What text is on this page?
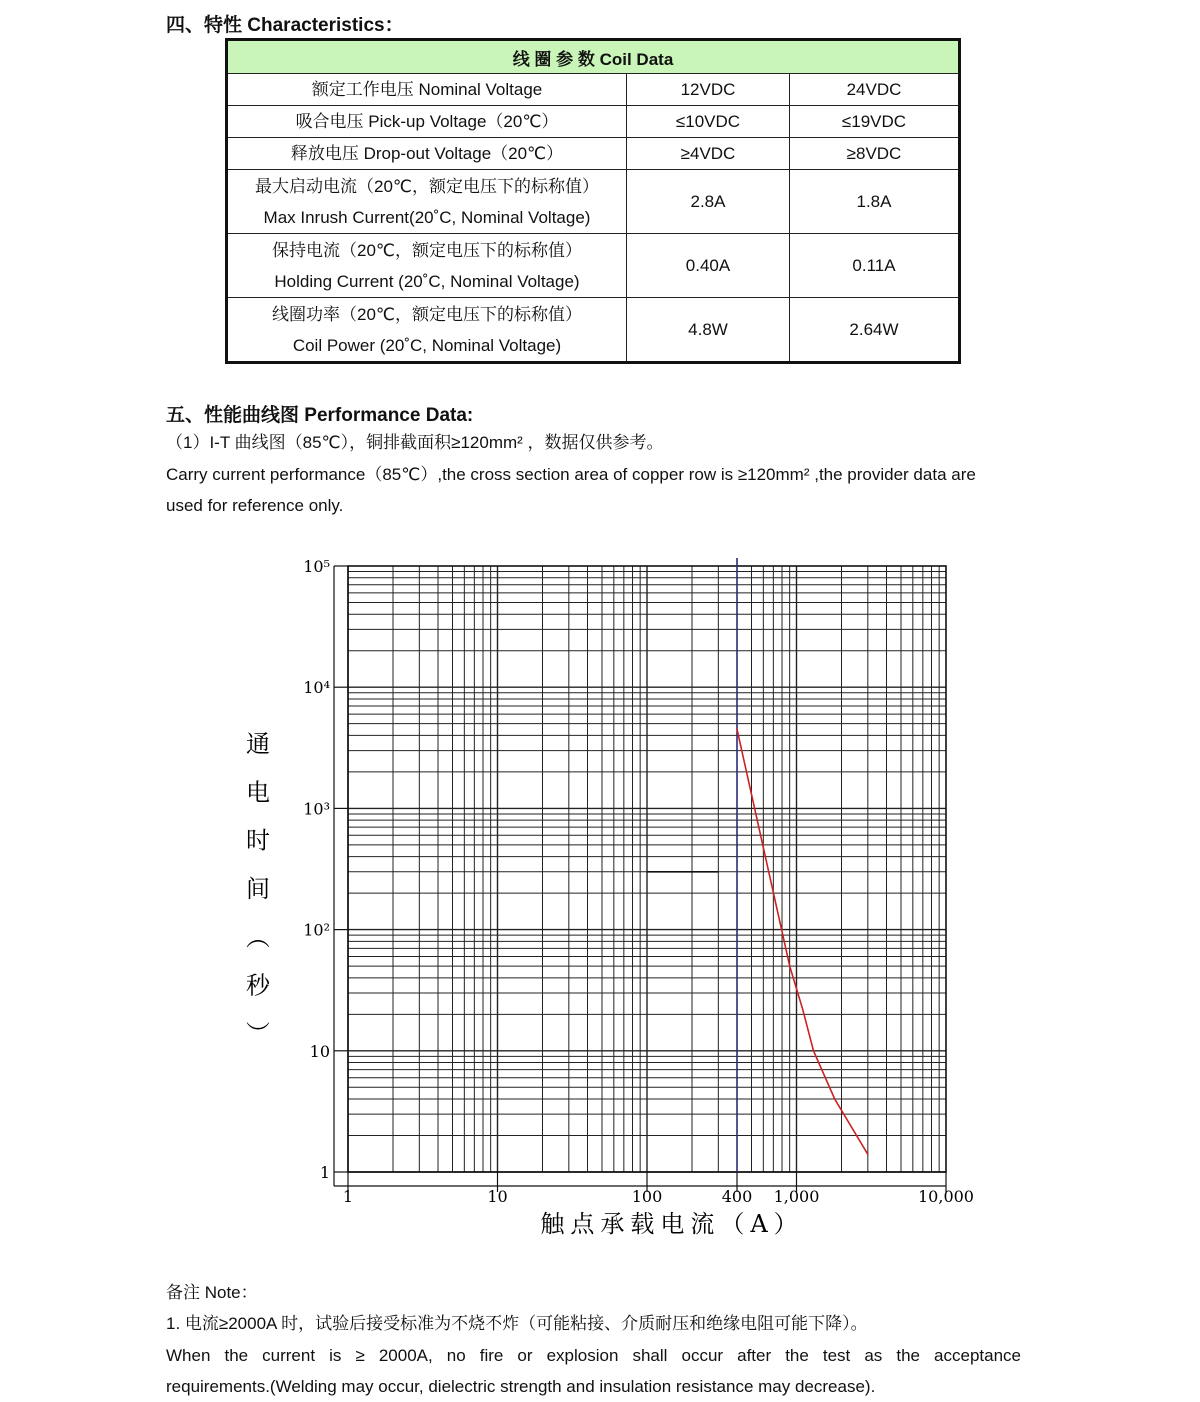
四、特性 Characteristics：
线 圈 参 数 Coil Data		
额定工作电压 Nominal Voltage	12VDC	24VDC
吸合电压 Pick-up Voltage（20℃）	≤10VDC	≤19VDC
释放电压 Drop-out Voltage（20℃）	≥4VDC	≥8VDC

最大启动电流（20℃，额定电压下的标称值）
Max Inrush Current(20˚C, Nominal Voltage)	2.8A	1.8A

保持电流（20℃，额定电压下的标称值）
Holding Current (20˚C, Nominal Voltage)	0.40A	0.11A

线圈功率（20℃，额定电压下的标称值）
Coil Power (20˚C, Nominal Voltage)	4.8W	2.64W
五、性能曲线图 Performance Data:
（1）I-T 曲线图（85℃），铜排截面积≥120mm² ，数据仅供参考。
Carry current performance（85℃）,the cross section area of copper row is ≥120mm² ,the provider data are
used for reference only.
1
10
10²
10³
10⁴
10⁵
1	10	100	400 1,000	10,000
触点承载电流（A）
通
电
时
间
︵
秒
︶
备注 Note：
1. 电流≥2000A 时，试验后接受标准为不烧不炸（可能粘接、介质耐压和绝缘电阻可能下降）。
When the current is ≥ 2000A, no fire or explosion shall occur after the test as the acceptance
requirements.(Welding may occur, dielectric strength and insulation resistance may decrease).
